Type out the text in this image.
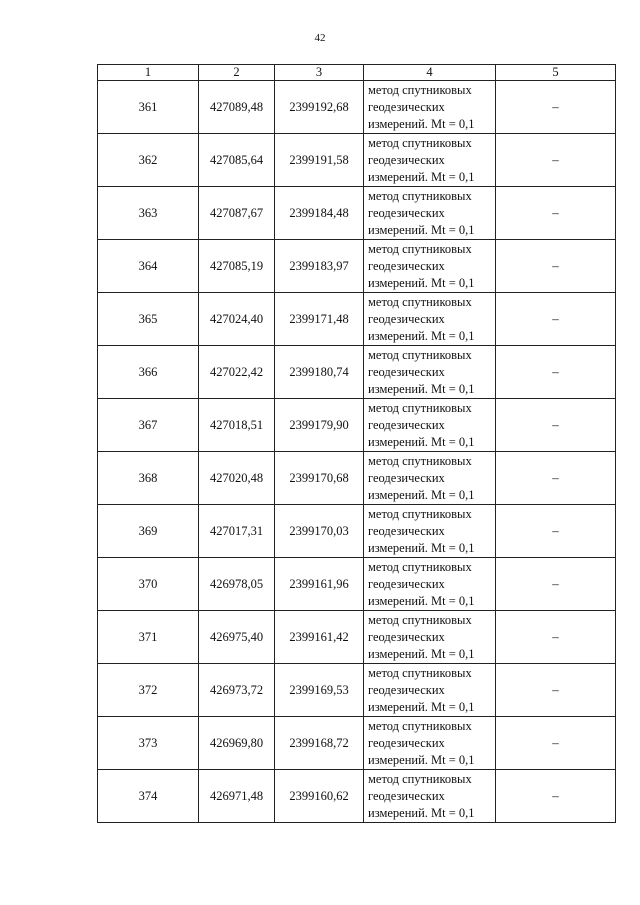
42
1	2	3	4	5
361	427089,48	2399192,68	метод спутниковых
геодезических
измерений. Mt = 0,1	–
362	427085,64	2399191,58	метод спутниковых
геодезических
измерений. Mt = 0,1	–
363	427087,67	2399184,48	метод спутниковых
геодезических
измерений. Mt = 0,1	–
364	427085,19	2399183,97	метод спутниковых
геодезических
измерений. Mt = 0,1	–
365	427024,40	2399171,48	метод спутниковых
геодезических
измерений. Mt = 0,1	–
366	427022,42	2399180,74	метод спутниковых
геодезических
измерений. Mt = 0,1	–
367	427018,51	2399179,90	метод спутниковых
геодезических
измерений. Mt = 0,1	–
368	427020,48	2399170,68	метод спутниковых
геодезических
измерений. Mt = 0,1	–
369	427017,31	2399170,03	метод спутниковых
геодезических
измерений. Mt = 0,1	–
370	426978,05	2399161,96	метод спутниковых
геодезических
измерений. Mt = 0,1	–
371	426975,40	2399161,42	метод спутниковых
геодезических
измерений. Mt = 0,1	–
372	426973,72	2399169,53	метод спутниковых
геодезических
измерений. Mt = 0,1	–
373	426969,80	2399168,72	метод спутниковых
геодезических
измерений. Mt = 0,1	–
374	426971,48	2399160,62	метод спутниковых
геодезических
измерений. Mt = 0,1	–
